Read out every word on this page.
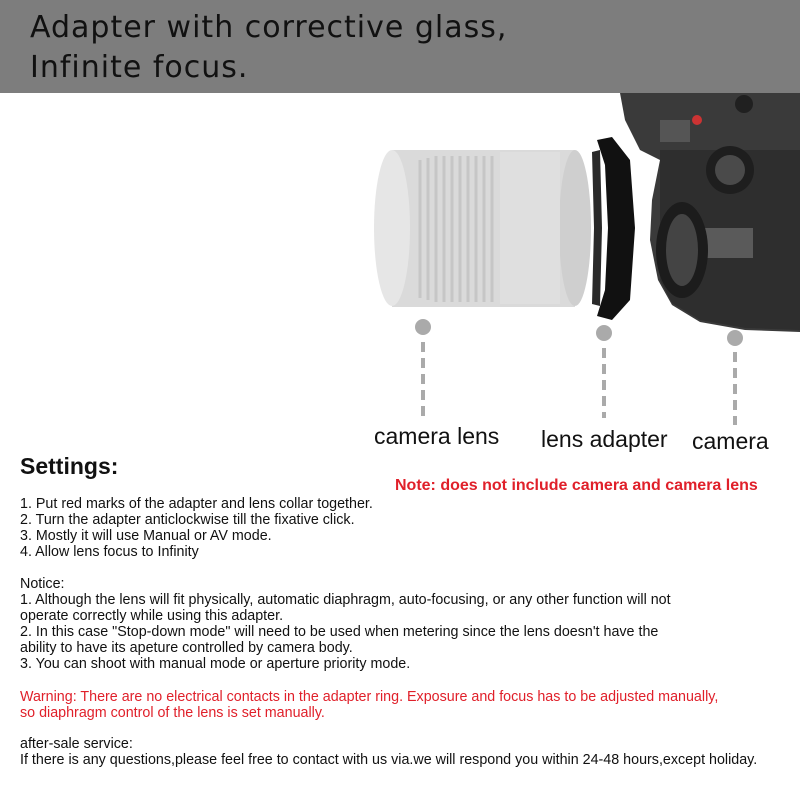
Adapter with corrective glass,
Infinite focus.
camera lens lens adapter camera
Settings:
Note: does not include camera and camera lens
1. Put red marks of the adapter and lens collar together.
2. Turn the adapter anticlockwise till the fixative click.
3. Mostly it will use Manual or AV mode.
4. Allow lens focus to Infinity
Notice:
1. Although the lens will fit physically, automatic diaphragm, auto-focusing, or any other function will not
operate correctly while using this adapter.
2. In this case "Stop-down mode" will need to be used when metering since the lens doesn't have the
ability to have its apeture controlled by camera body.
3. You can shoot with manual mode or aperture priority mode.
Warning: There are no electrical contacts in the adapter ring. Exposure and focus has to be adjusted manually,
so diaphragm control of the lens is set manually.
after-sale service:
If there is any questions,please feel free to contact with us via.we will respond you within 24-48 hours,except holiday.
